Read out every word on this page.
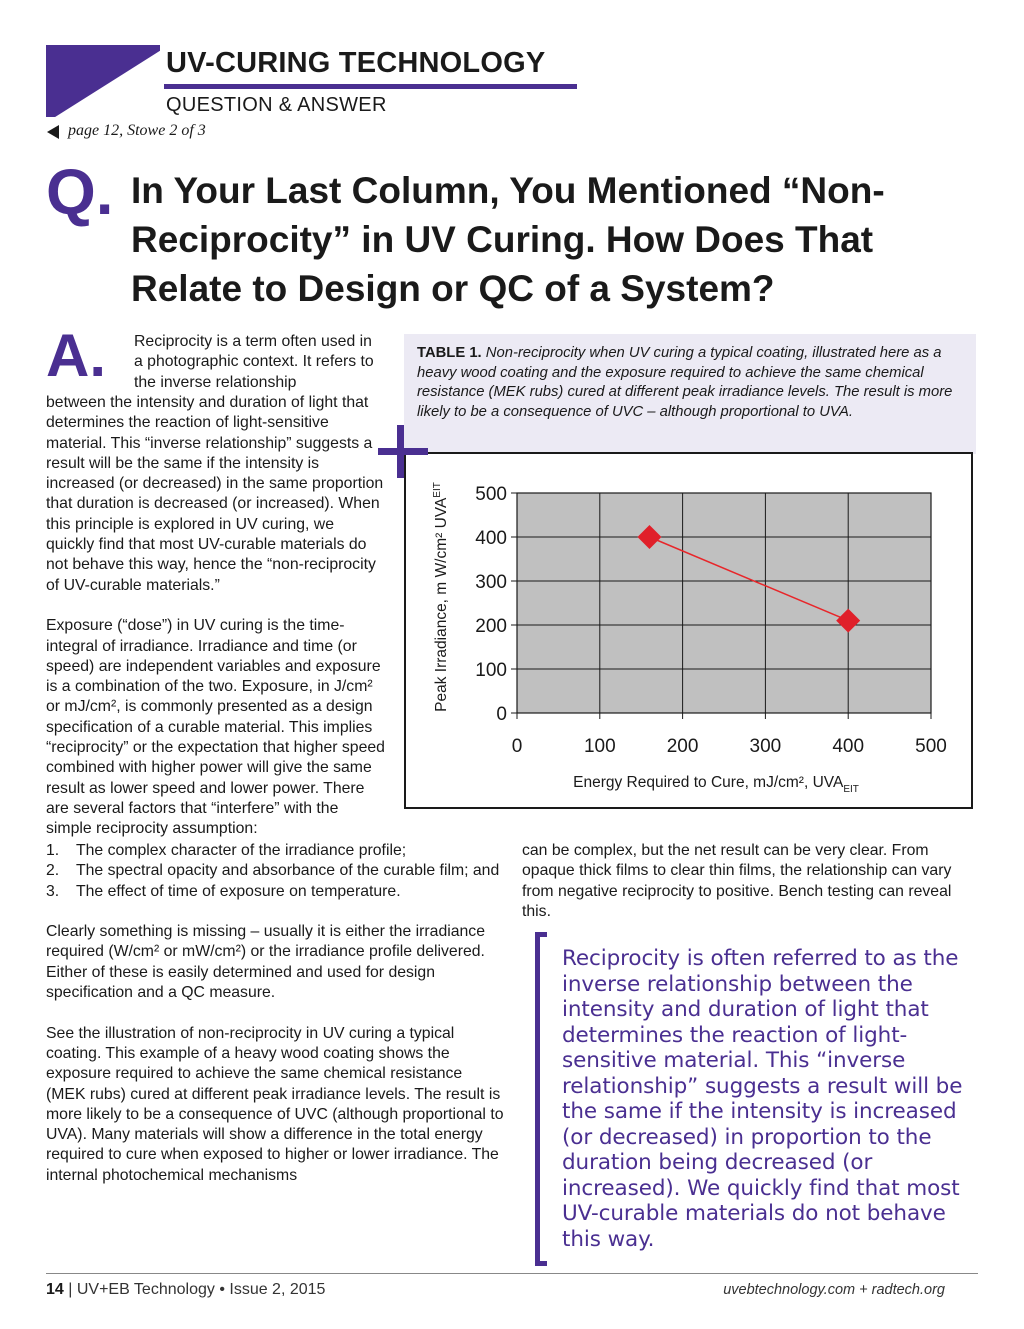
UV-CURING TECHNOLOGY
QUESTION & ANSWER
page 12, Stowe 2 of 3
Q. In Your Last Column, You Mentioned “Non-Reciprocity” in UV Curing. How Does That Relate to Design or QC of a System?
A. Reciprocity is a term often used in a photographic context. It refers to the inverse relationship

between the intensity and duration of light that determines the reaction of light-sensitive material. This “inverse relationship” suggests a result will be the same if the intensity is increased (or decreased) in the same proportion that duration is decreased (or increased). When this principle is explored in UV curing, we quickly find that most UV-curable materials do not behave this way, hence the “non-reciprocity of UV-curable materials.”

Exposure (“dose”) in UV curing is the time-integral of irradiance. Irradiance and time (or speed) are independent variables and exposure is a combination of the two. Exposure, in J/cm² or mJ/cm², is commonly presented as a design specification of a curable material. This implies “reciprocity” or the expectation that higher speed combined with higher power will give the same result as lower speed and lower power. There are several factors that “interfere” with the simple reciprocity assumption:

1. The complex character of the irradiance profile;
2. The spectral opacity and absorbance of the curable film; and
3. The effect of time of exposure on temperature.

Clearly something is missing – usually it is either the irradiance required (W/cm² or mW/cm²) or the irradiance profile delivered. Either of these is easily determined and used for design specification and a QC measure.

See the illustration of non-reciprocity in UV curing a typical coating. This example of a heavy wood coating shows the exposure required to achieve the same chemical resistance (MEK rubs) cured at different peak irradiance levels. The result is more likely to be a consequence of UVC (although proportional to UVA). Many materials will show a difference in the total energy required to cure when exposed to higher or lower irradiance. The internal photochemical mechanisms

can be complex, but the net result can be very clear. From opaque thick films to clear thin films, the relationship can vary from negative reciprocity to positive. Bench testing can reveal this.

TABLE 1. Non-reciprocity when UV curing a typical coating, illustrated here as a heavy wood coating and the exposure required to achieve the same chemical resistance (MEK rubs) cured at different peak irradiance levels. The result is more likely to be a consequence of UVC – although proportional to UVA.
0
100
200
300
400
500
0	100	200	300	400	500
Energy Required to Cure, mJ/cm², $UVA_{EIT}$
Peak Irradiance, m W/cm² $UVA^{EIT}$
Reciprocity is often referred to as the inverse relationship between the intensity and duration of light that determines the reaction of light-sensitive material. This “inverse relationship” suggests a result will be the same if the intensity is increased (or decreased) in proportion to the duration being decreased (or increased). We quickly find that most UV-curable materials do not behave this way.
14 | UV+EB Technology • Issue 2, 2015	uvebtechnology.com + radtech.org
